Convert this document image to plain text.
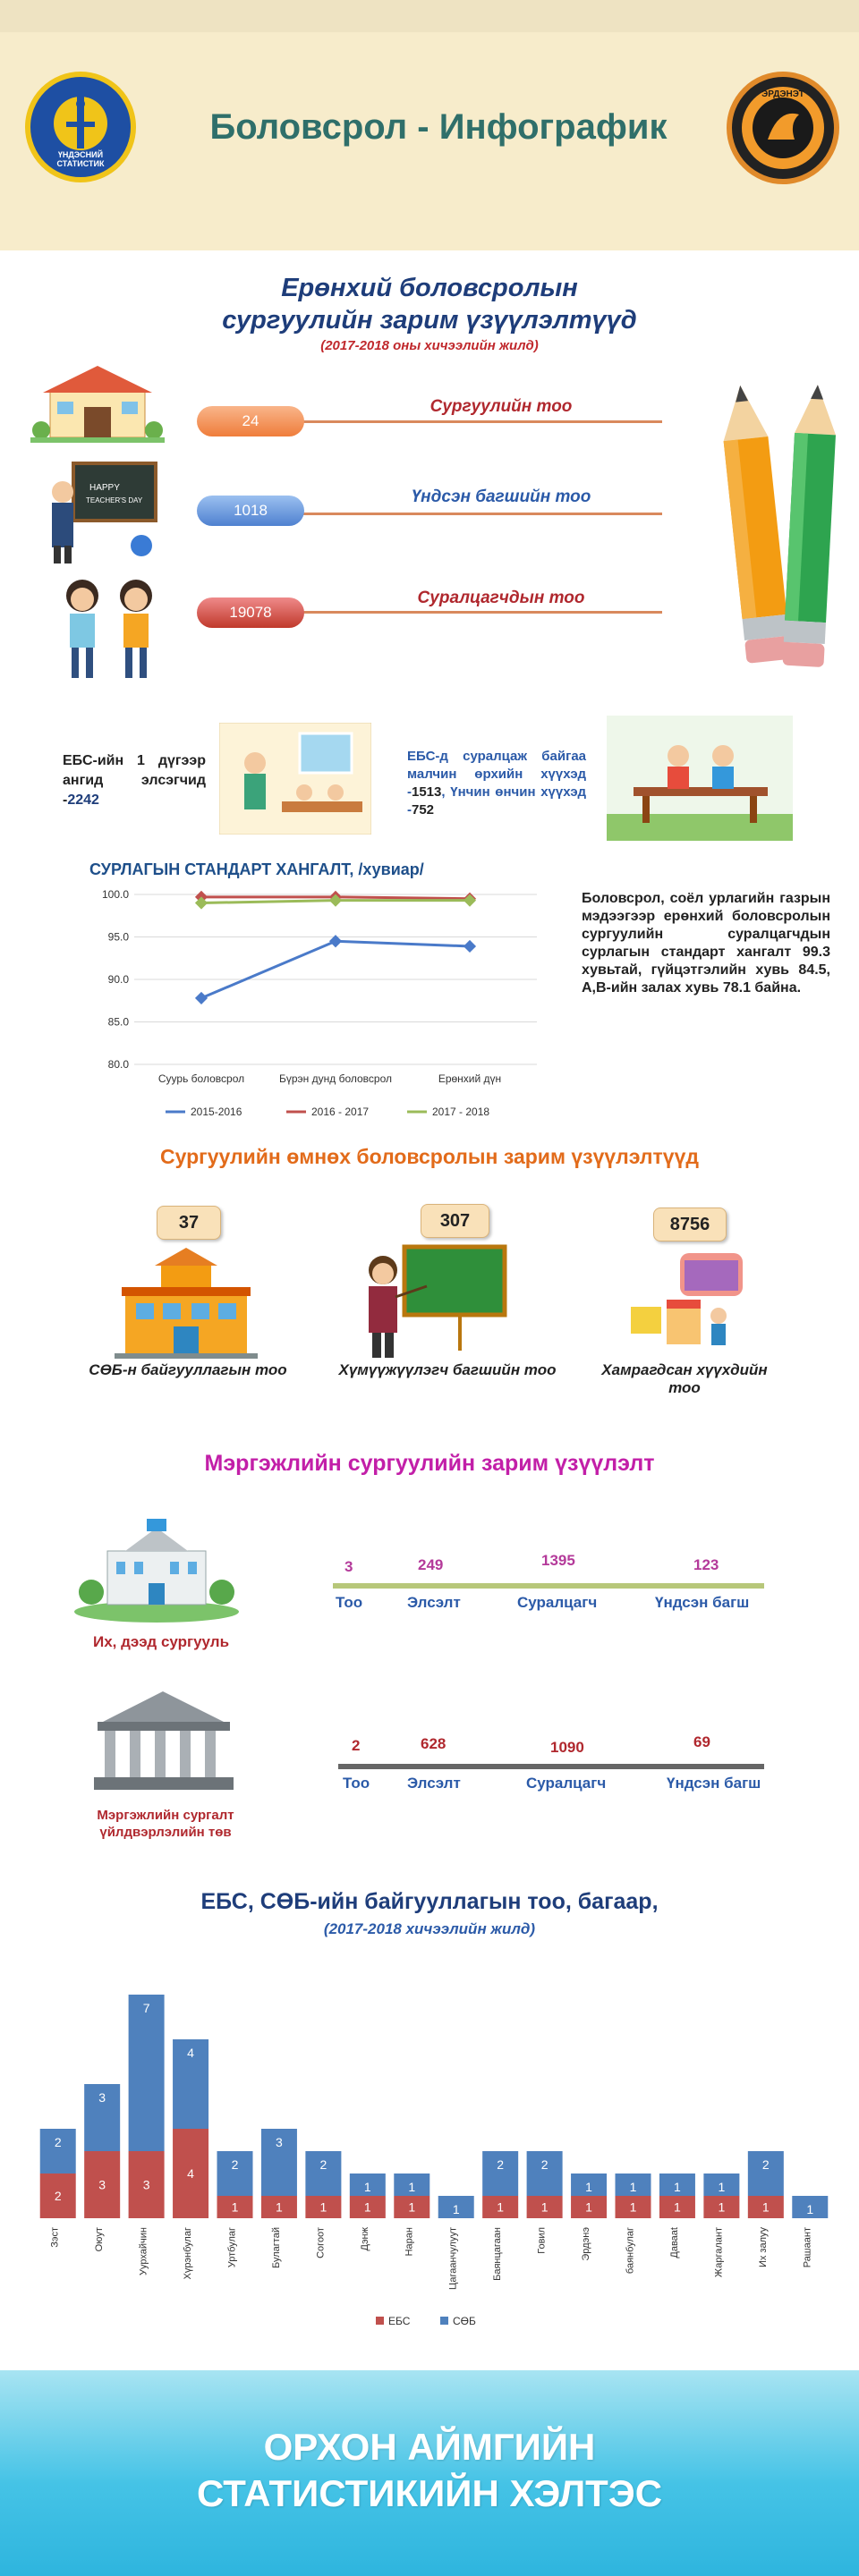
ҮНДЭСНИЙ
СТАТИСТИК
Боловсрол - Инфографик
ЭРДЭНЭТ
Ерөнхий боловсролын
сургуулийн зарим үзүүлэлтүүд
(2017-2018 оны хичээлийн жилд)
HAPPY
TEACHER'S DAY
24
Сургуулийн тоо
1018
Үндсэн багшийн тоо
19078
Суралцагчдын тоо
ЕБС-ийн 1 дүгээр ангид элсэгчид -2242
ЕБС-д суралцаж байгаа малчин өрхийн хүүхэд -1513, Үнчин өнчин хүүхэд -752
СУРЛАГЫН СТАНДАРТ ХАНГАЛТ, /хувиар/
100.0
95.0
90.0
85.0
80.0
Суурь боловсрол	Бүрэн дунд боловсрол	Ерөнхий дүн
2015-2016	2016 - 2017	2017 - 2018
Боловсрол, соёл урлагийн газрын мэдээгээр ерөнхий боловсролын сургуулийн суралцагчдын сурлагын стандарт хангалт 99.3 хувьтай, гүйцэтгэлийн хувь 84.5, А,В-ийн залах хувь 78.1 байна.
Сургуулийн өмнөх боловсролын зарим үзүүлэлтүүд
37
СӨБ-н байгууллагын тоо
307
Хүмүүжүүлэгч багшийн тоо
8756
Хамрагдсан хүүхдийн тоо
Мэргэжлийн сургуулийн зарим үзүүлэлт
Их, дээд сургууль
3	249	1395	123
Тоо	Элсэлт	Суралцагч	Үндсэн багш
Мэргэжлийн сургалт үйлдвэрлэлийн төв
2	628	1090	69
Тоо	Элсэлт	Суралцагч	Үндсэн багш
ЕБС, СӨБ-ийн байгууллагын тоо, багаар,
(2017-2018 хичээлийн жилд)
2
2
Зэст
3
3
Оюут
3
7
Уурхайчин
4
4
Хүрэнбулаг
1
2
Уртбулаг
1
3
Булагтай
1
2
Согоот
1
1
Дэнж
1
1
Наран
1
Цагаанчулуут
1
2
Баянцагаан
1
2
Говил
1
1
Эрдэнэ
1
1
баянбулаг
1
1
Давааt
1
1
Жаргалант
1
2
Их залуу
1
Рашаант
ЕБС	СӨБ
ОРХОН АЙМГИЙН
СТАТИСТИКИЙН ХЭЛТЭС
